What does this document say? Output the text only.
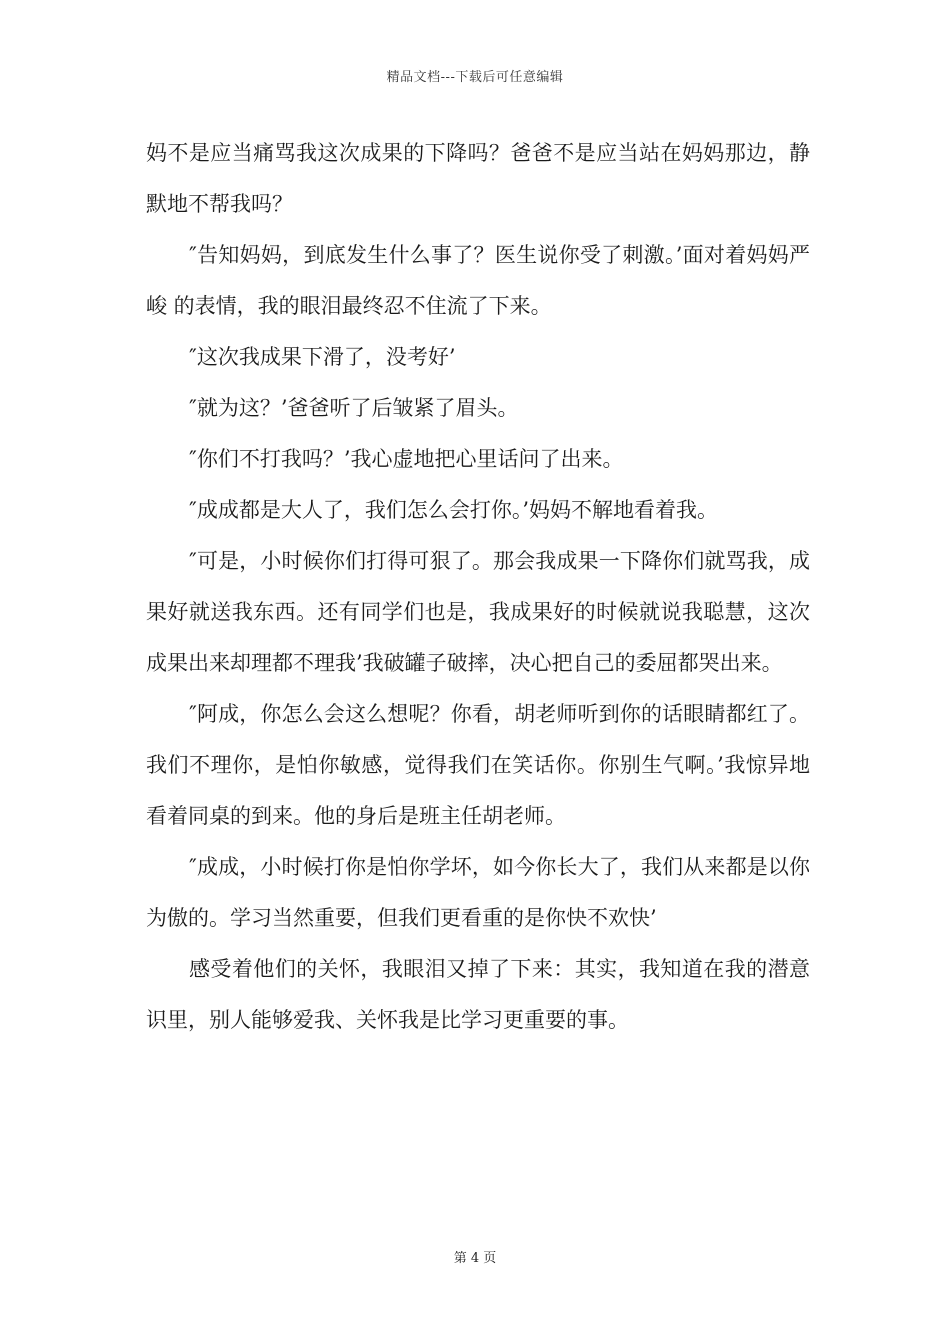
精品文档---下载后可任意编辑

妈不是应当痛骂我这次成果的下降吗？爸爸不是应当站在妈妈那边，静默地不帮我吗？

″告知妈妈，到底发生什么事了？医生说你受了刺激。’面对着妈妈严峻 的表情，我的眼泪最终忍不住流了下来。

″这次我成果下滑了，没考好’

″就为这？’爸爸听了后皱紧了眉头。

″你们不打我吗？’我心虚地把心里话问了出来。

″成成都是大人了，我们怎么会打你。’妈妈不解地看着我。

″可是，小时候你们打得可狠了。那会我成果一下降你们就骂我，成果好就送我东西。还有同学们也是，我成果好的时候就说我聪慧，这次成果出来却理都不理我’我破罐子破摔，决心把自己的委屈都哭出来。

″阿成，你怎么会这么想呢？你看，胡老师听到你的话眼睛都红了。我们不理你，是怕你敏感，觉得我们在笑话你。你别生气啊。’我惊异地看着同桌的到来。他的身后是班主任胡老师。

″成成，小时候打你是怕你学坏，如今你长大了，我们从来都是以你为傲的。学习当然重要，但我们更看重的是你快不欢快’

感受着他们的关怀，我眼泪又掉了下来：其实，我知道在我的潜意识里，别人能够爱我、关怀我是比学习更重要的事。

第 4 页
